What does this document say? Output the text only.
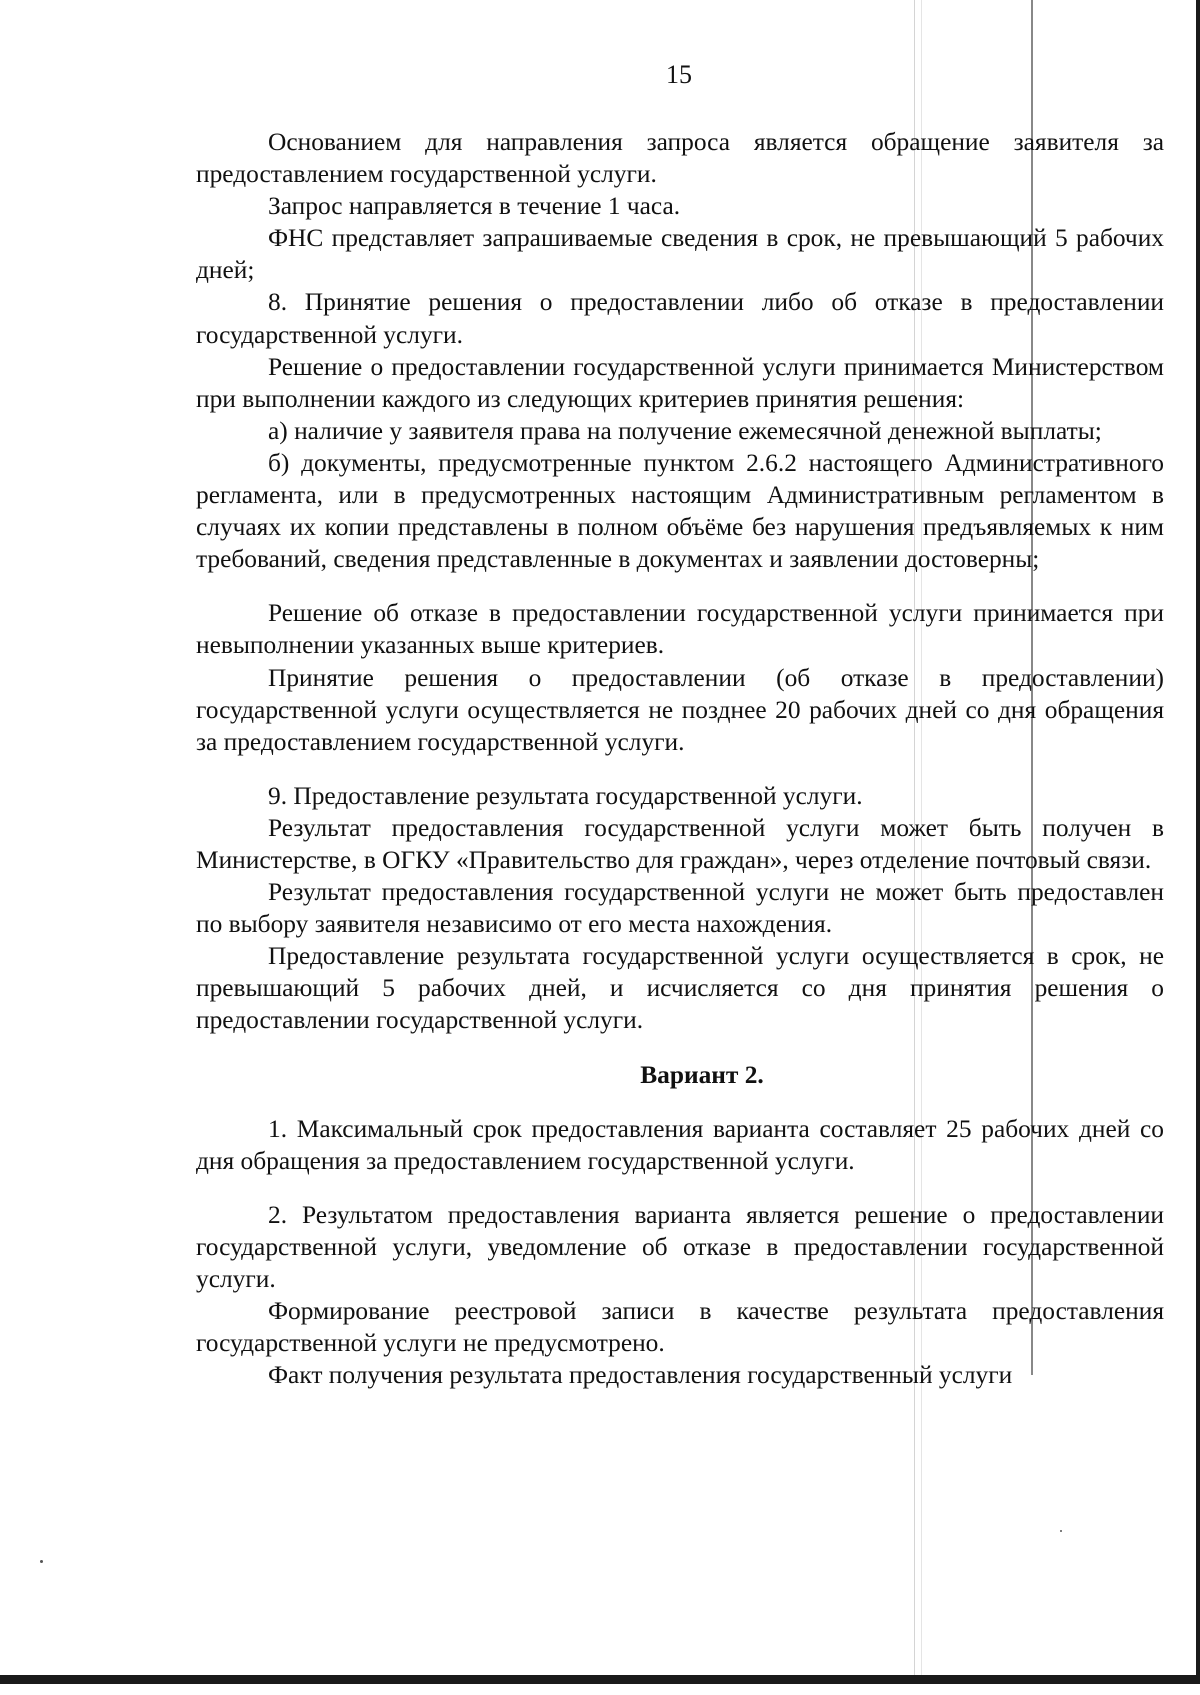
15

Основанием для направления запроса является обращение заявителя за предоставлением государственной услуги.

Запрос направляется в течение 1 часа.

ФНС представляет запрашиваемые сведения в срок, не превышающий 5 рабочих дней;

8. Принятие решения о предоставлении либо об отказе в предоставлении государственной услуги.

Решение о предоставлении государственной услуги принимается Министерством при выполнении каждого из следующих критериев принятия решения:

а) наличие у заявителя права на получение ежемесячной денежной выплаты;

б) документы, предусмотренные пунктом 2.6.2 настоящего Административного регламента, или в предусмотренных настоящим Административным регламентом в случаях их копии представлены в полном объёме без нарушения предъявляемых к ним требований, сведения представленные в документах и заявлении достоверны;

Решение об отказе в предоставлении государственной услуги принимается при невыполнении указанных выше критериев.

Принятие решения о предоставлении (об отказе в предоставлении) государственной услуги осуществляется не позднее 20 рабочих дней со дня обращения за предоставлением государственной услуги.

9. Предоставление результата государственной услуги.

Результат предоставления государственной услуги может быть получен в Министерстве, в ОГКУ «Правительство для граждан», через отделение почтовый связи.

Результат предоставления государственной услуги не может быть предоставлен по выбору заявителя независимо от его места нахождения.

Предоставление результата государственной услуги осуществляется в срок, не превышающий 5 рабочих дней, и исчисляется со дня принятия решения о предоставлении государственной услуги.

Вариант 2.

1. Максимальный срок предоставления варианта составляет 25 рабочих дней со дня обращения за предоставлением государственной услуги.

2. Результатом предоставления варианта является решение о предоставлении государственной услуги, уведомление об отказе в предоставлении государственной услуги.

Формирование реестровой записи в качестве результата предоставления государственной услуги не предусмотрено.

Факт получения результата предоставления государственный услуги
